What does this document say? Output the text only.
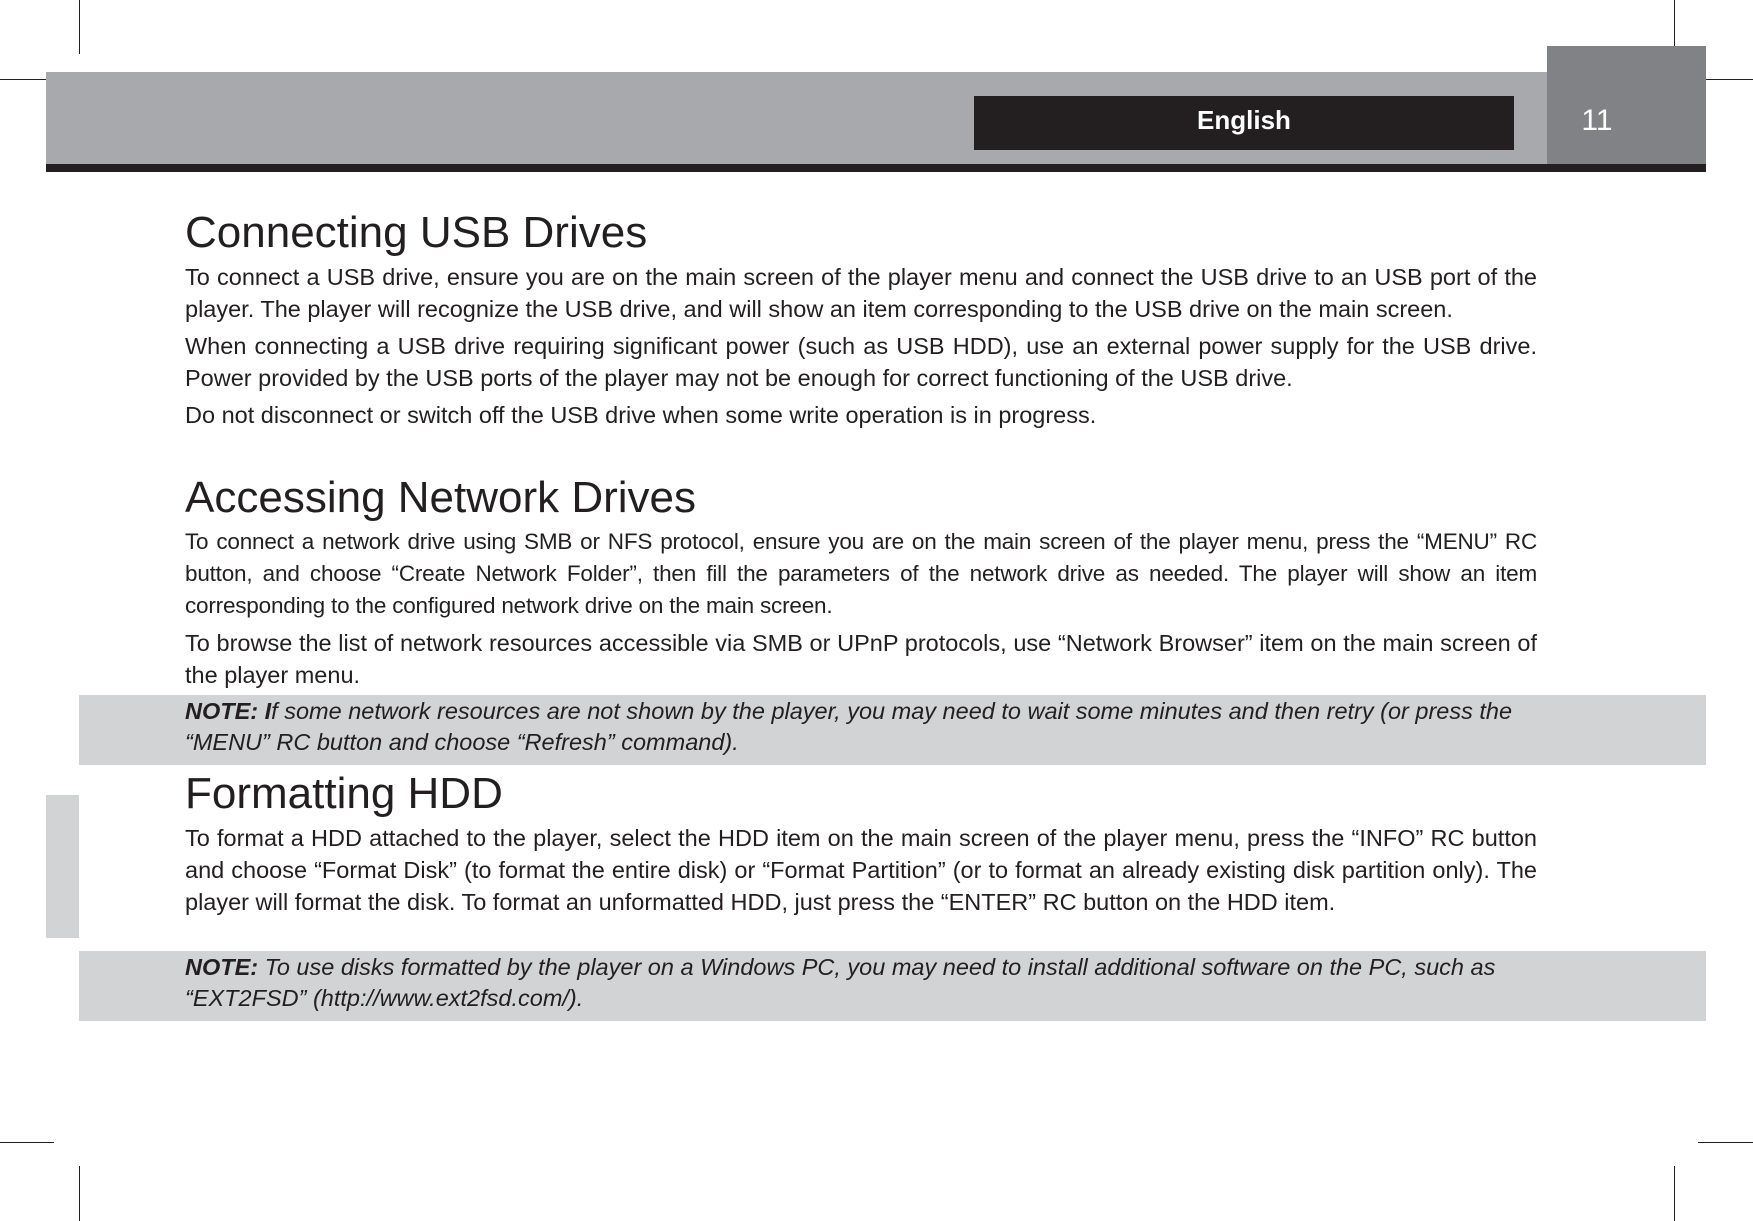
English	11
Connecting USB Drives

To connect a USB drive, ensure you are on the main screen of the player menu and connect the USB drive to an USB port of the player. The player will recognize the USB drive, and will show an item corresponding to the USB drive on the main screen.

When connecting a USB drive requiring significant power (such as USB HDD), use an external power supply for the USB drive. Power provided by the USB ports of the player may not be enough for correct functioning of the USB drive.

Do not disconnect or switch off the USB drive when some write operation is in progress.

Accessing Network Drives

To connect a network drive using SMB or NFS protocol, ensure you are on the main screen of the player menu, press the “MENU” RC button, and choose “Create Network Folder”, then fill the parameters of the network drive as needed. The player will show an item corresponding to the configured network drive on the main screen.

To browse the list of network resources accessible via SMB or UPnP protocols, use “Network Browser” item on the main screen of the player menu.

NOTE: If some network resources are not shown by the player, you may need to wait some minutes and then retry (or press the “MENU” RC button and choose “Refresh” command).
Formatting HDD

To format a HDD attached to the player, select the HDD item on the main screen of the player menu, press the “INFO” RC button and choose “Format Disk” (to format the entire disk) or “Format Partition” (or to format an already existing disk partition only). The player will format the disk. To format an unformatted HDD, just press the “ENTER” RC button on the HDD item.

NOTE: To use disks formatted by the player on a Windows PC, you may need to install additional software on the PC, such as “EXT2FSD” (http://www.ext2fsd.com/).
